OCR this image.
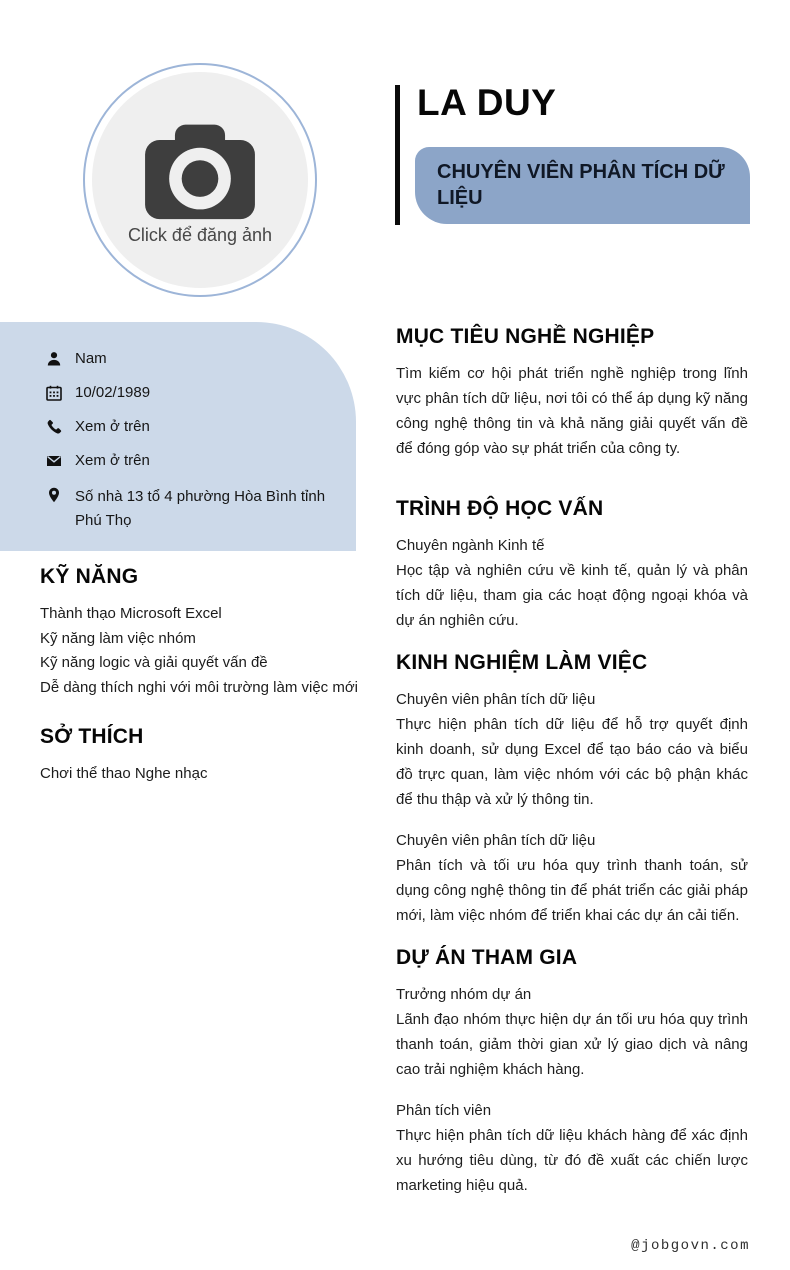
Click để đăng ảnh
LA DUY
CHUYÊN VIÊN PHÂN TÍCH DỮ LIỆU
Nam
10/02/1989
Xem ở trên
Xem ở trên
Số nhà 13 tổ 4 phường Hòa Bình tỉnh Phú Thọ
KỸ NĂNG
Thành thạo Microsoft Excel
Kỹ năng làm việc nhóm
Kỹ năng logic và giải quyết vấn đề
Dễ dàng thích nghi với môi trường làm việc mới
SỞ THÍCH
Chơi thể thao Nghe nhạc
MỤC TIÊU NGHỀ NGHIỆP

Tìm kiếm cơ hội phát triển nghề nghiệp trong lĩnh vực phân tích dữ liệu, nơi tôi có thể áp dụng kỹ năng công nghệ thông tin và khả năng giải quyết vấn đề để đóng góp vào sự phát triển của công ty.

TRÌNH ĐỘ HỌC VẤN

Chuyên ngành Kinh tế
Học tập và nghiên cứu về kinh tế, quản lý và phân tích dữ liệu, tham gia các hoạt động ngoại khóa và dự án nghiên cứu.

KINH NGHIỆM LÀM VIỆC

Chuyên viên phân tích dữ liệu
Thực hiện phân tích dữ liệu để hỗ trợ quyết định kinh doanh, sử dụng Excel để tạo báo cáo và biểu đồ trực quan, làm việc nhóm với các bộ phận khác để thu thập và xử lý thông tin.

Chuyên viên phân tích dữ liệu
Phân tích và tối ưu hóa quy trình thanh toán, sử dụng công nghệ thông tin để phát triển các giải pháp mới, làm việc nhóm để triển khai các dự án cải tiến.

DỰ ÁN THAM GIA

Trưởng nhóm dự án
Lãnh đạo nhóm thực hiện dự án tối ưu hóa quy trình thanh toán, giảm thời gian xử lý giao dịch và nâng cao trải nghiệm khách hàng.

Phân tích viên
Thực hiện phân tích dữ liệu khách hàng để xác định xu hướng tiêu dùng, từ đó đề xuất các chiến lược marketing hiệu quả.

@jobgovn.com
